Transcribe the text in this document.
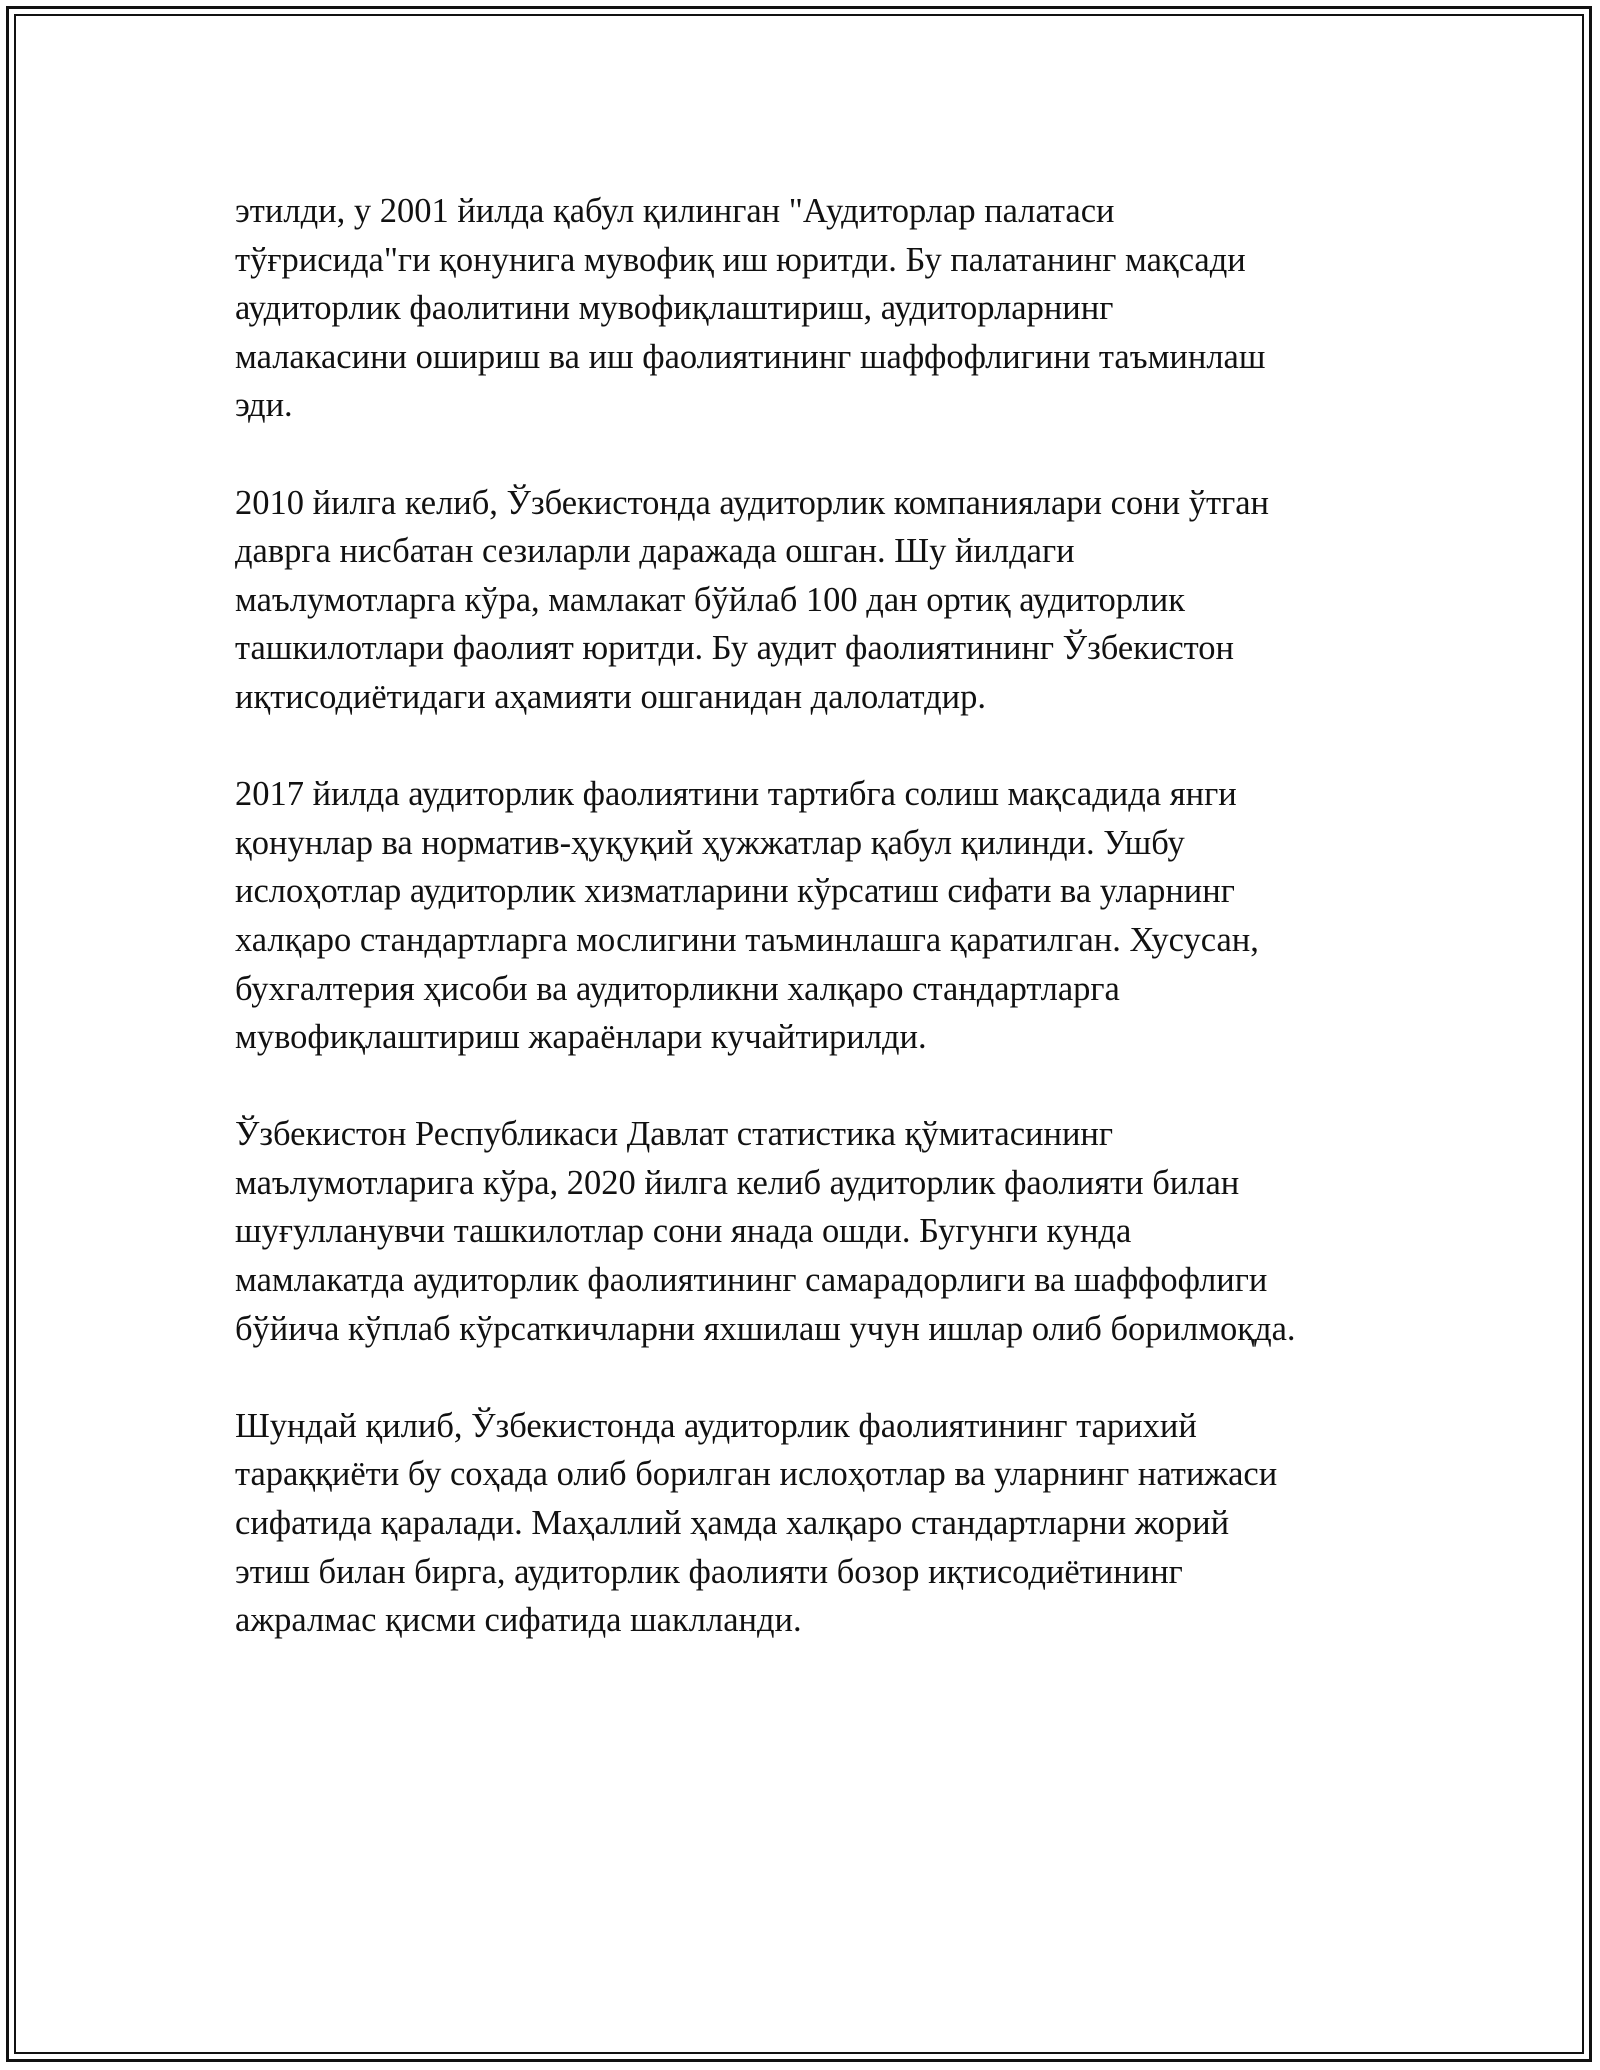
этилди, у 2001 йилда қабул қилинган "Аудиторлар палатаси
тўғрисида"ги қонунига мувофиқ иш юритди. Бу палатанинг мақсади
аудиторлик фаолитини мувофиқлаштириш, аудиторларнинг
малакасини ошириш ва иш фаолиятининг шаффофлигини таъминлаш
эди.

2010 йилга келиб, Ўзбекистонда аудиторлик компаниялари сони ўтган
даврга нисбатан сезиларли даражада ошган. Шу йилдаги
маълумотларга кўра, мамлакат бўйлаб 100 дан ортиқ аудиторлик
ташкилотлари фаолият юритди. Бу аудит фаолиятининг Ўзбекистон
иқтисодиётидаги аҳамияти ошганидан далолатдир.

2017 йилда аудиторлик фаолиятини тартибга солиш мақсадида янги
қонунлар ва норматив-ҳуқуқий ҳужжатлар қабул қилинди. Ушбу
ислоҳотлар аудиторлик хизматларини кўрсатиш сифати ва уларнинг
халқаро стандартларга мослигини таъминлашга қаратилган. Хусусан,
бухгалтерия ҳисоби ва аудиторликни халқаро стандартларга
мувофиқлаштириш жараёнлари кучайтирилди.

Ўзбекистон Республикаси Давлат статистика қўмитасининг
маълумотларига кўра, 2020 йилга келиб аудиторлик фаолияти билан
шуғулланувчи ташкилотлар сони янада ошди. Бугунги кунда
мамлакатда аудиторлик фаолиятининг самарадорлиги ва шаффофлиги
бўйича кўплаб кўрсаткичларни яхшилаш учун ишлар олиб борилмоқда.

Шундай қилиб, Ўзбекистонда аудиторлик фаолиятининг тарихий
тараққиёти бу соҳада олиб борилган ислоҳотлар ва уларнинг натижаси
сифатида қаралади. Маҳаллий ҳамда халқаро стандартларни жорий
этиш билан бирга, аудиторлик фаолияти бозор иқтисодиётининг
ажралмас қисми сифатида шаклланди.
